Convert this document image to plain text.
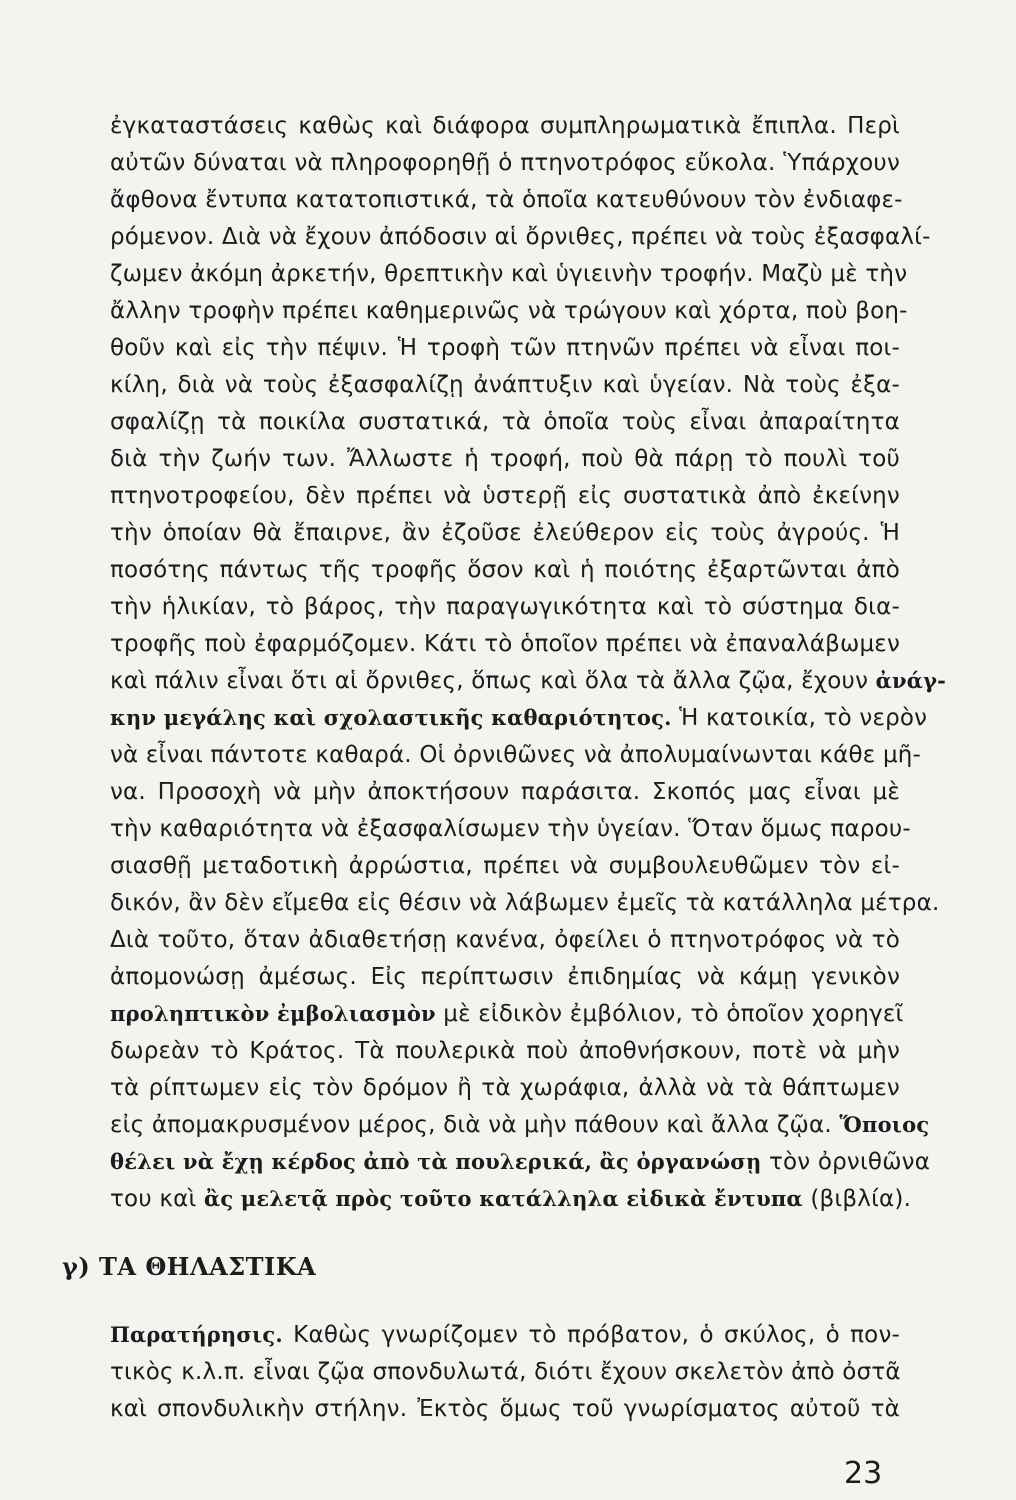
ἐγκαταστάσεις καθὼς καὶ διάφορα συμπληρωματικὰ ἔπιπλα. Περὶ
αὐτῶν δύναται νὰ πληροφορηθῇ ὁ πτηνοτρόφος εὔκολα. Ὑπάρχουν
ἄφθονα ἔντυπα κατατοπιστικά, τὰ ὁποῖα κατευθύνουν τὸν ἐνδιαφε-
ρόμενον. Διὰ νὰ ἔχουν ἀπόδοσιν αἱ ὄρνιθες, πρέπει νὰ τοὺς ἐξασφαλί-
ζωμεν ἀκόμη ἀρκετήν, θρεπτικὴν καὶ ὑγιεινὴν τροφήν. Μαζὺ μὲ τὴν
ἄλλην τροφὴν πρέπει καθημερινῶς νὰ τρώγουν καὶ χόρτα, ποὺ βοη-
θοῦν καὶ εἰς τὴν πέψιν. Ἡ τροφὴ τῶν πτηνῶν πρέπει νὰ εἶναι ποι-
κίλη, διὰ νὰ τοὺς ἐξασφαλίζῃ ἀνάπτυξιν καὶ ὑγείαν. Νὰ τοὺς ἐξα-
σφαλίζῃ τὰ ποικίλα συστατικά, τὰ ὁποῖα τοὺς εἶναι ἀπαραίτητα
διὰ τὴν ζωήν των. Ἄλλωστε ἡ τροφή, ποὺ θὰ πάρῃ τὸ πουλὶ τοῦ
πτηνοτροφείου, δὲν πρέπει νὰ ὑστερῇ εἰς συστατικὰ ἀπὸ ἐκείνην
τὴν ὁποίαν θὰ ἔπαιρνε, ἂν ἐζοῦσε ἐλεύθερον εἰς τοὺς ἀγρούς. Ἡ
ποσότης πάντως τῆς τροφῆς ὅσον καὶ ἡ ποιότης ἐξαρτῶνται ἀπὸ
τὴν ἡλικίαν, τὸ βάρος, τὴν παραγωγικότητα καὶ τὸ σύστημα δια-
τροφῆς ποὺ ἐφαρμόζομεν. Κάτι τὸ ὁποῖον πρέπει νὰ ἐπαναλάβωμεν
καὶ πάλιν εἶναι ὅτι αἱ ὄρνιθες, ὅπως καὶ ὅλα τὰ ἄλλα ζῷα, ἔχουν ἀνάγ-
κην μεγάλης καὶ σχολαστικῆς καθαριότητος. Ἡ κατοικία, τὸ νερὸν
νὰ εἶναι πάντοτε καθαρά. Οἱ ὀρνιθῶνες νὰ ἀπολυμαίνωνται κάθε μῆ-
να. Προσοχὴ νὰ μὴν ἀποκτήσουν παράσιτα. Σκοπός μας εἶναι μὲ
τὴν καθαριότητα νὰ ἐξασφαλίσωμεν τὴν ὑγείαν. Ὅταν ὅμως παρου-
σιασθῇ μεταδοτικὴ ἀρρώστια, πρέπει νὰ συμβουλευθῶμεν τὸν εἰ-
δικόν, ἂν δὲν εἴμεθα εἰς θέσιν νὰ λάβωμεν ἐμεῖς τὰ κατάλληλα μέτρα.
Διὰ τοῦτο, ὅταν ἀδιαθετήσῃ κανένα, ὀφείλει ὁ πτηνοτρόφος νὰ τὸ
ἀπομονώσῃ ἀμέσως. Εἰς περίπτωσιν ἐπιδημίας νὰ κάμῃ γενικὸν
προληπτικὸν ἐμβολιασμὸν μὲ εἰδικὸν ἐμβόλιον, τὸ ὁποῖον χορηγεῖ
δωρεὰν τὸ Κράτος. Τὰ πουλερικὰ ποὺ ἀποθνήσκουν, ποτὲ νὰ μὴν
τὰ ρίπτωμεν εἰς τὸν δρόμον ἢ τὰ χωράφια, ἀλλὰ νὰ τὰ θάπτωμεν
εἰς ἀπομακρυσμένον μέρος, διὰ νὰ μὴν πάθουν καὶ ἄλλα ζῷα. Ὅποιος
θέλει νὰ ἔχῃ κέρδος ἀπὸ τὰ πουλερικά, ἂς ὀργανώσῃ τὸν ὀρνιθῶνα
του καὶ ἂς μελετᾷ πρὸς τοῦτο κατάλληλα εἰδικὰ ἔντυπα (βιβλία).
γ) ΤΑ ΘΗΛΑΣΤΙΚΑ
Παρατήρησις. Καθὼς γνωρίζομεν τὸ πρόβατον, ὁ σκύλος, ὁ πον-
τικὸς κ.λ.π. εἶναι ζῷα σπονδυλωτά, διότι ἔχουν σκελετὸν ἀπὸ ὀστᾶ
καὶ σπονδυλικὴν στήλην. Ἐκτὸς ὅμως τοῦ γνωρίσματος αὐτοῦ τὰ
23
